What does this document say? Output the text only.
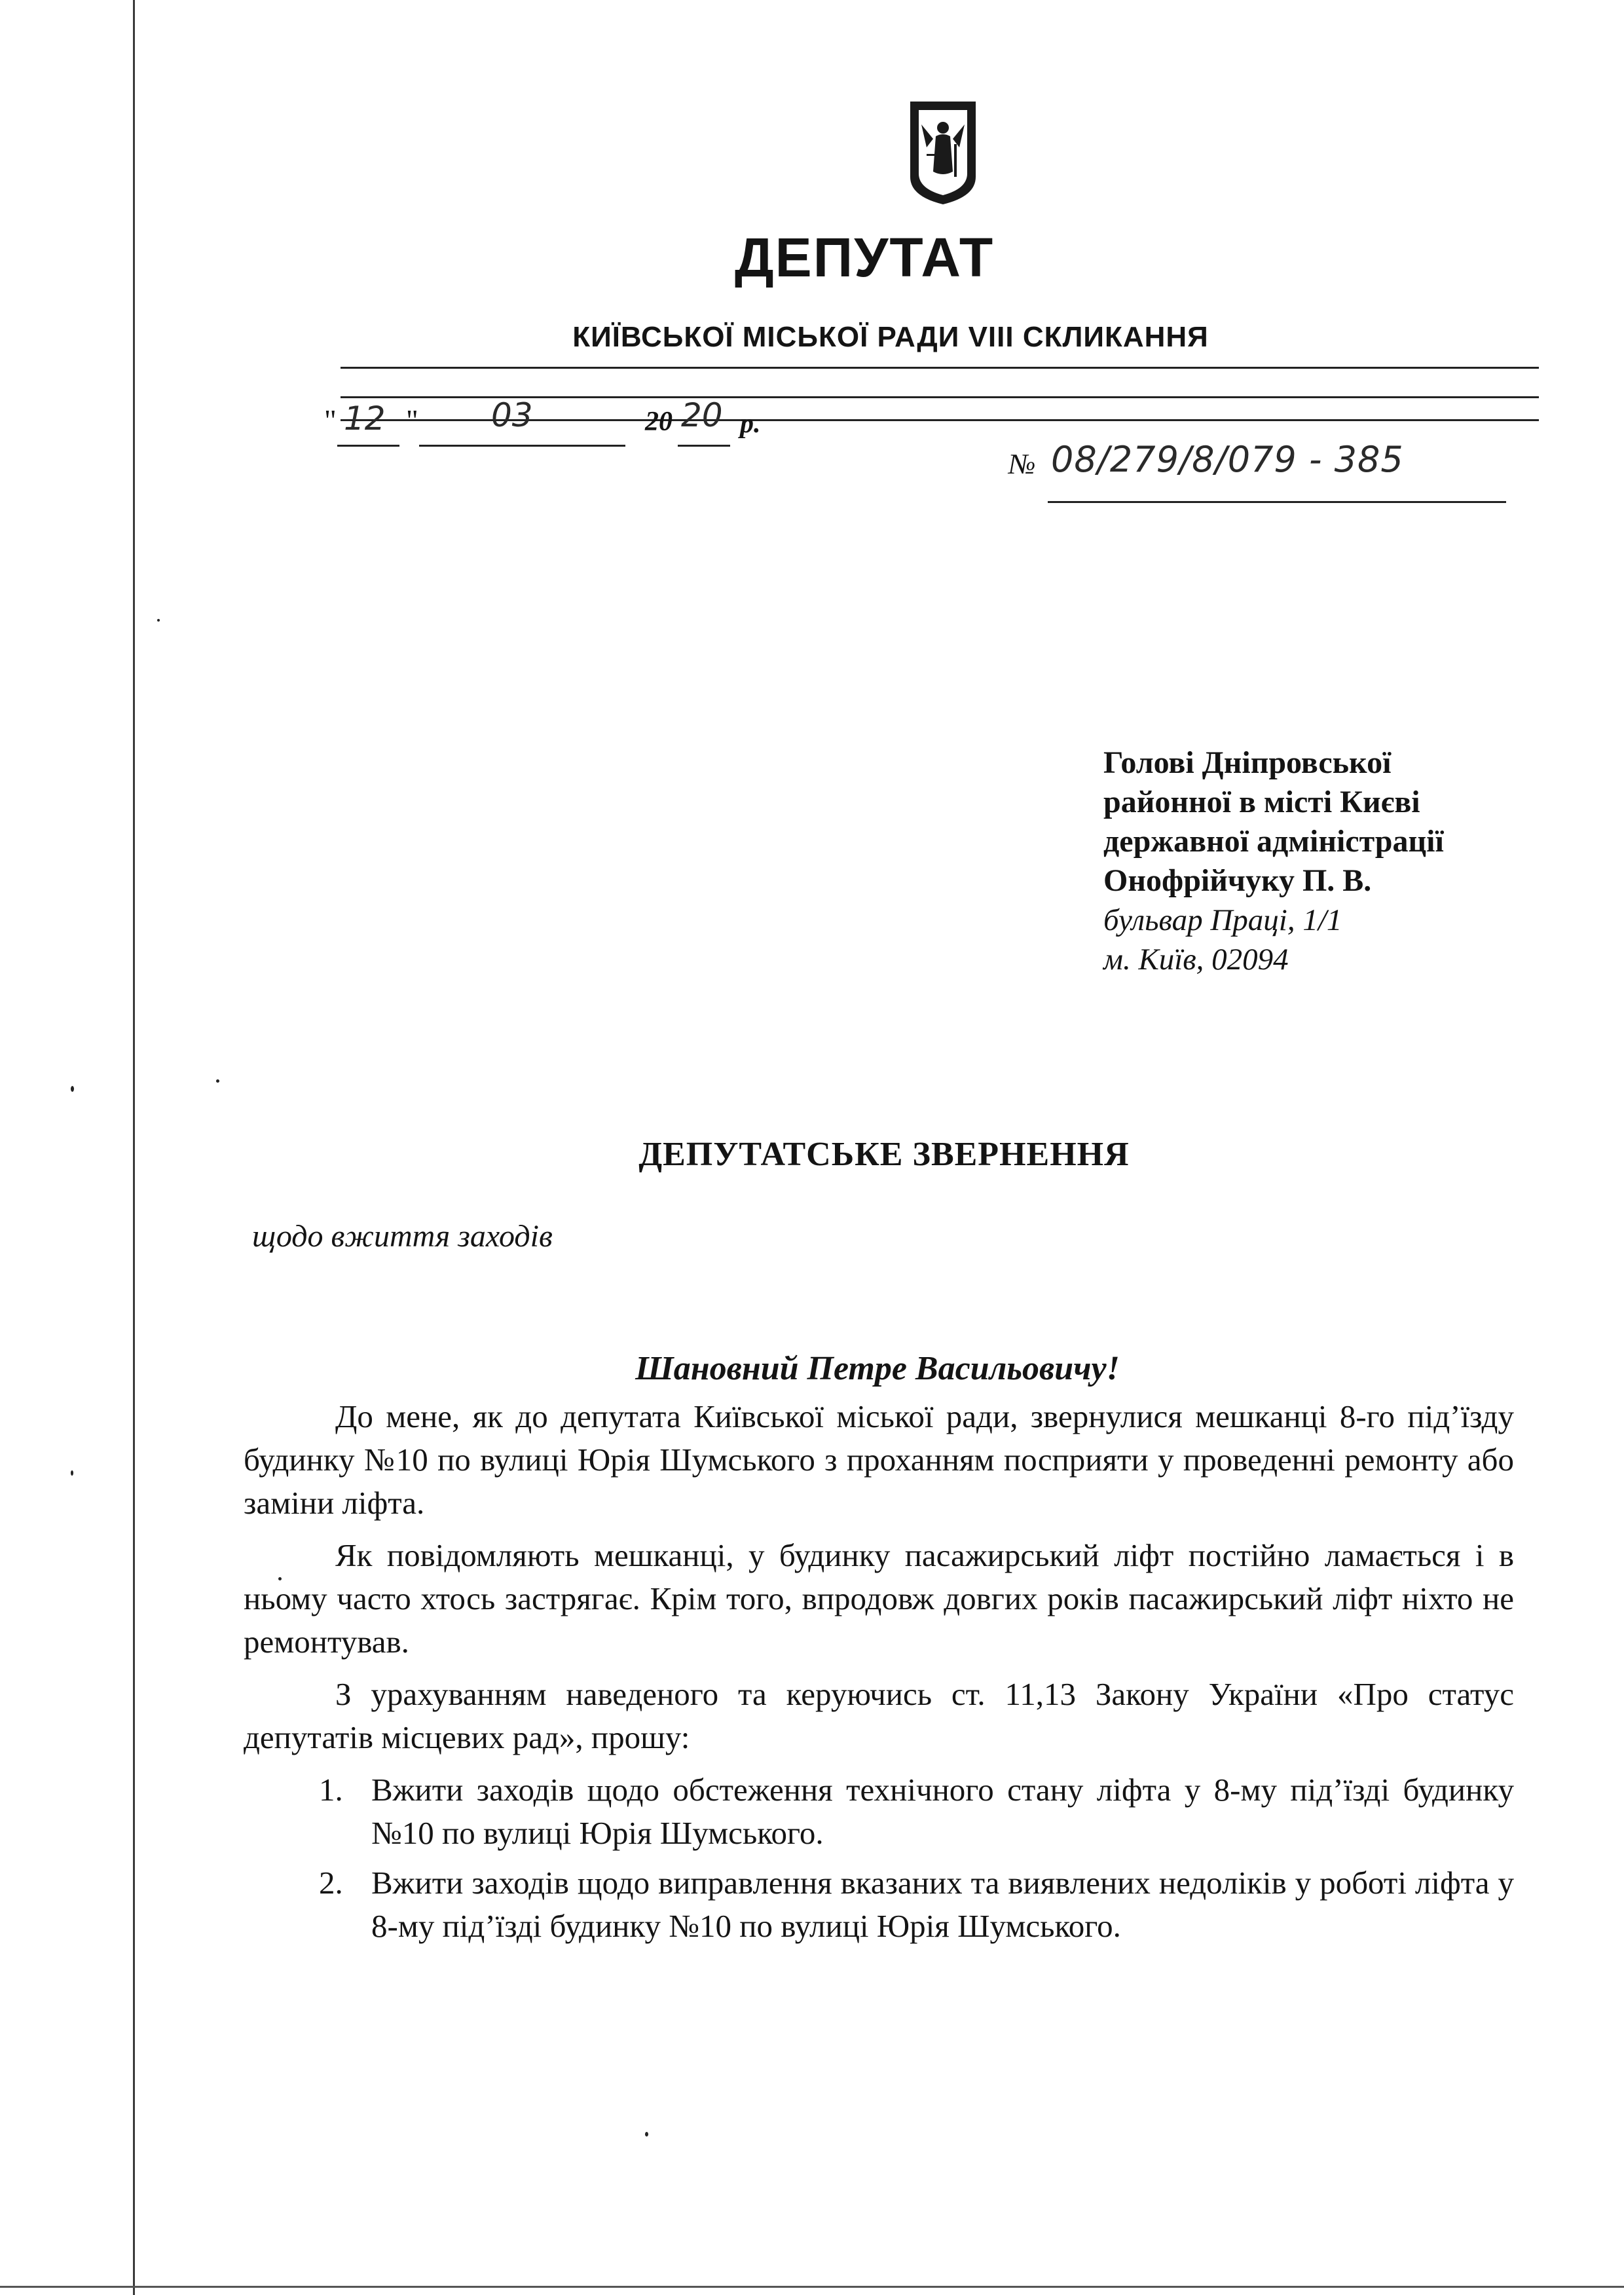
ДЕПУТАТ
КИЇВСЬКОЇ МІСЬКОЇ РАДИ VIII СКЛИКАННЯ
" 12 " 03	20 20 р.
№ 08/279/8/079 - 385
Голові Дніпровської
районної в місті Києві
державної адміністрації
Онофрійчуку П. В.
бульвар Праці, 1/1
м. Київ, 02094
ДЕПУТАТСЬКЕ ЗВЕРНЕННЯ
щодо вжиття заходів
Шановний Петре Васильовичу!

До мене, як до депутата Київської міської ради, звернулися мешканці 8-го під’їзду будинку №10 по вулиці Юрія Шумського з проханням посприяти у проведенні ремонту або заміни ліфта.

Як повідомляють мешканці, у будинку пасажирський ліфт постійно ламається і в ньому часто хтось застрягає. Крім того, впродовж довгих років пасажирський ліфт ніхто не ремонтував.

З урахуванням наведеного та керуючись ст. 11,13 Закону України «Про статус депутатів місцевих рад», прошу:

1. Вжити заходів щодо обстеження технічного стану ліфта у 8-му під’їзді будинку №10 по вулиці Юрія Шумського.
2. Вжити заходів щодо виправлення вказаних та виявлених недоліків у роботі ліфта у 8-му під’їзді будинку №10 по вулиці Юрія Шумського.
